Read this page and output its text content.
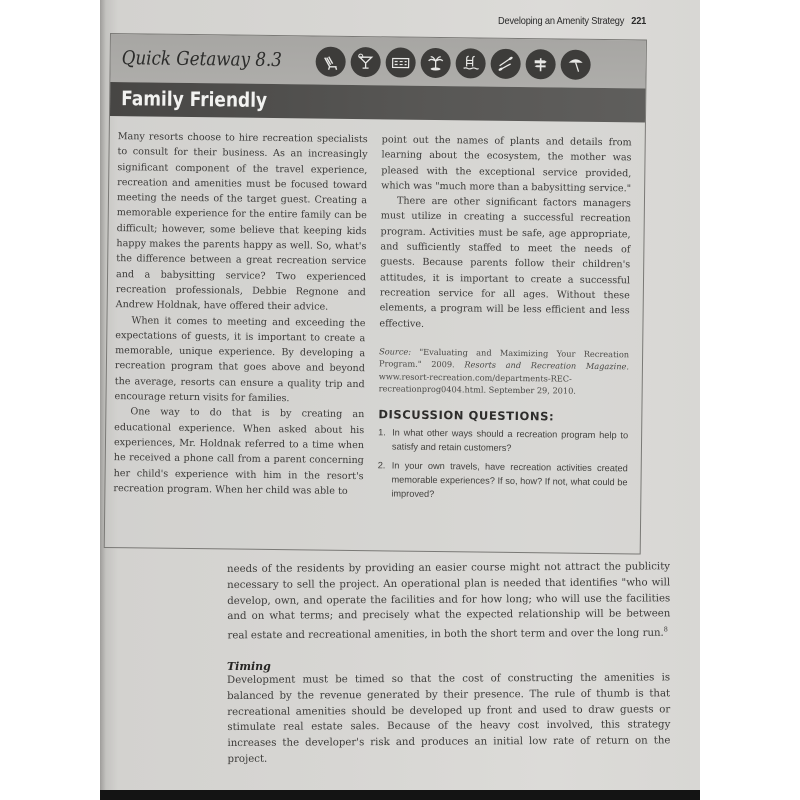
Developing an Amenity Strategy 221
Quick Getaway 8.3
Family Friendly

Many resorts choose to hire recreation specialists to consult for their business. As an increasingly significant component of the travel experience, recreation and amenities must be focused toward meeting the needs of the target guest. Creating a memorable experience for the entire family can be difficult; however, some believe that keeping kids happy makes the parents happy as well. So, what's the difference between a great recreation service and a babysitting service? Two experienced recreation professionals, Debbie Regnone and Andrew Holdnak, have offered their advice.

When it comes to meeting and exceeding the expectations of guests, it is important to create a memorable, unique experience. By developing a recreation program that goes above and beyond the average, resorts can ensure a quality trip and encourage return visits for families.

One way to do that is by creating an educational experience. When asked about his experiences, Mr. Holdnak referred to a time when he received a phone call from a parent concerning her child's experience with him in the resort's recreation program. When her child was able to

point out the names of plants and details from learning about the ecosystem, the mother was pleased with the exceptional service provided, which was "much more than a babysitting service."

There are other significant factors managers must utilize in creating a successful recreation program. Activities must be safe, age appropriate, and sufficiently staffed to meet the needs of guests. Because parents follow their children's attitudes, it is important to create a successful recreation service for all ages. Without these elements, a program will be less efficient and less effective.

Source: "Evaluating and Maximizing Your Recreation Program." 2009. Resorts and Recreation Magazine. www.resort-recreation.com/departments-REC-recreationprog0404.html. September 29, 2010.
DISCUSSION QUESTIONS:
1. In what other ways should a recreation program help to satisfy and retain customers?
2. In your own travels, have recreation activities created memorable experiences? If so, how? If not, what could be improved?
needs of the residents by providing an easier course might not attract the publicity necessary to sell the project. An operational plan is needed that identifies "who will develop, own, and operate the facilities and for how long; who will use the facilities and on what terms; and precisely what the expected relationship will be between real estate and recreational amenities, in both the short term and over the long run.$^8$
Timing
Development must be timed so that the cost of constructing the amenities is balanced by the revenue generated by their presence. The rule of thumb is that recreational amenities should be developed up front and used to draw guests or stimulate real estate sales. Because of the heavy cost involved, this strategy increases the developer's risk and produces an initial low rate of return on the project.
